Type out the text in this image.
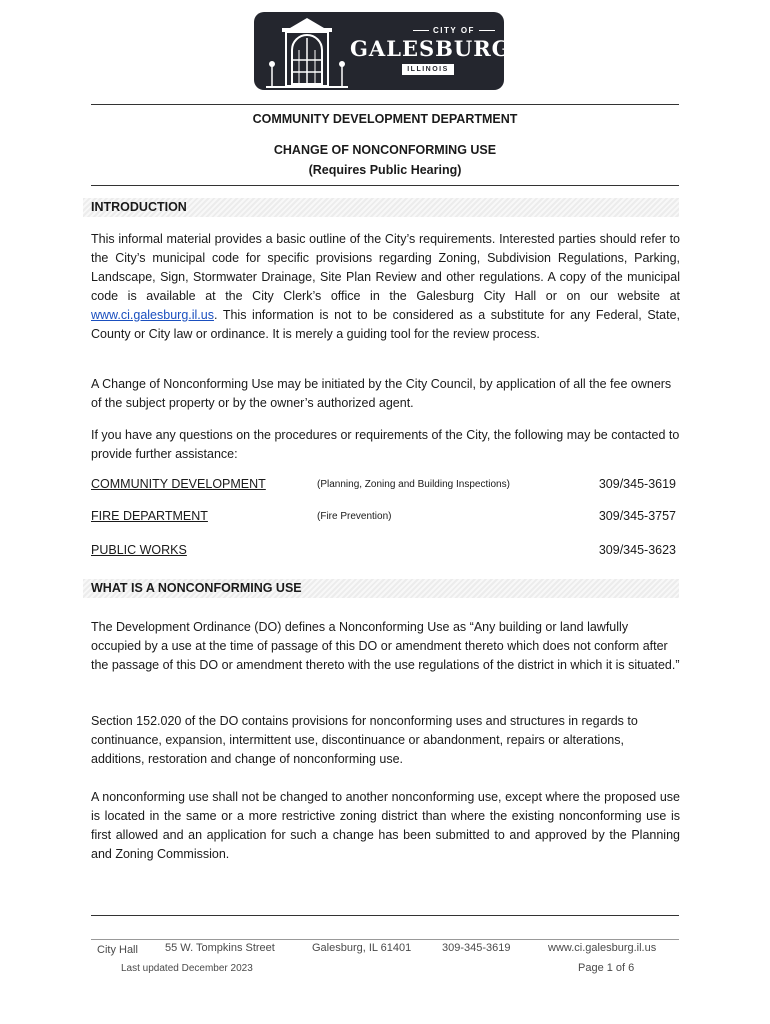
CITY OF
GALESBURG
ILLINOIS
COMMUNITY DEVELOPMENT DEPARTMENT
CHANGE OF NONCONFORMING USE
(Requires Public Hearing)
INTRODUCTION
This informal material provides a basic outline of the City’s requirements. Interested parties should refer to the City’s municipal code for specific provisions regarding Zoning, Subdivision Regulations, Parking, Landscape, Sign, Stormwater Drainage, Site Plan Review and other regulations. A copy of the municipal code is available at the City Clerk’s office in the Galesburg City Hall or on our website at www.ci.galesburg.il.us. This information is not to be considered as a substitute for any Federal, State, County or City law or ordinance. It is merely a guiding tool for the review process.
A Change of Nonconforming Use may be initiated by the City Council, by application of all the fee owners of the subject property or by the owner’s authorized agent.
If you have any questions on the procedures or requirements of the City, the following may be contacted to provide further assistance:
COMMUNITY DEVELOPMENT	(Planning, Zoning and Building Inspections)	309/345-3619
FIRE DEPARTMENT	(Fire Prevention)	309/345-3757
PUBLIC WORKS	309/345-3623
WHAT IS A NONCONFORMING USE
The Development Ordinance (DO) defines a Nonconforming Use as “Any building or land lawfully occupied by a use at the time of passage of this DO or amendment thereto which does not conform after the passage of this DO or amendment thereto with the use regulations of the district in which it is situated.”
Section 152.020 of the DO contains provisions for nonconforming uses and structures in regards to continuance, expansion, intermittent use, discontinuance or abandonment, repairs or alterations, additions, restoration and change of nonconforming use.
A nonconforming use shall not be changed to another nonconforming use, except where the proposed use is located in the same or a more restrictive zoning district than where the existing nonconforming use is first allowed and an application for such a change has been submitted to and approved by the Planning and Zoning Commission.
City Hall 55 W. Tompkins Street	Galesburg, IL 61401	309-345-3619	www.ci.galesburg.il.us
Last updated December 2023	Page 1 of 6
